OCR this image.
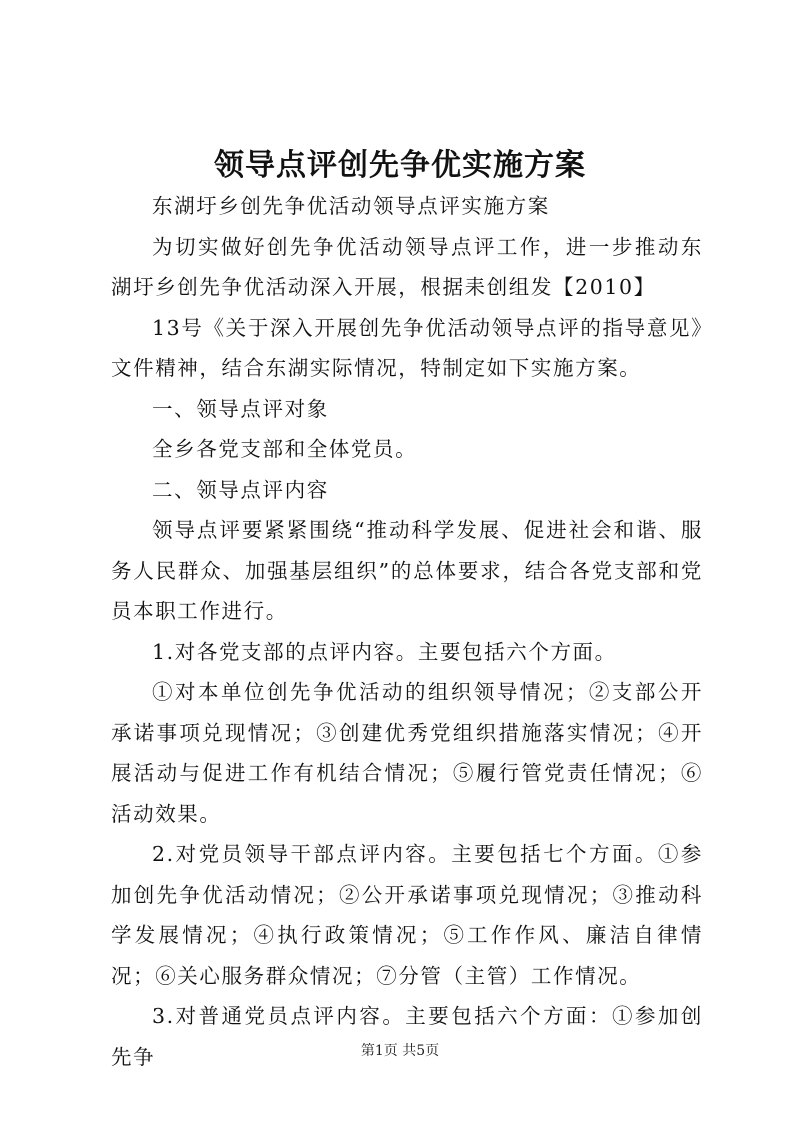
领导点评创先争优实施方案

东湖圩乡创先争优活动领导点评实施方案

为切实做好创先争优活动领导点评工作，进一步推动东湖圩乡创先争优活动深入开展，根据耒创组发【2010】

13号《关于深入开展创先争优活动领导点评的指导意见》文件精神，结合东湖实际情况，特制定如下实施方案。

一、领导点评对象

全乡各党支部和全体党员。

二、领导点评内容

领导点评要紧紧围绕“推动科学发展、促进社会和谐、服务人民群众、加强基层组织”的总体要求，结合各党支部和党员本职工作进行。

1.对各党支部的点评内容。主要包括六个方面。

①对本单位创先争优活动的组织领导情况；②支部公开承诺事项兑现情况；③创建优秀党组织措施落实情况；④开展活动与促进工作有机结合情况；⑤履行管党责任情况；⑥活动效果。

2.对党员领导干部点评内容。主要包括七个方面。①参加创先争优活动情况；②公开承诺事项兑现情况；③推动科学发展情况；④执行政策情况；⑤工作作风、廉洁自律情况；⑥关心服务群众情况；⑦分管（主管）工作情况。

3.对普通党员点评内容。主要包括六个方面：①参加创先争	第1页 共5页
